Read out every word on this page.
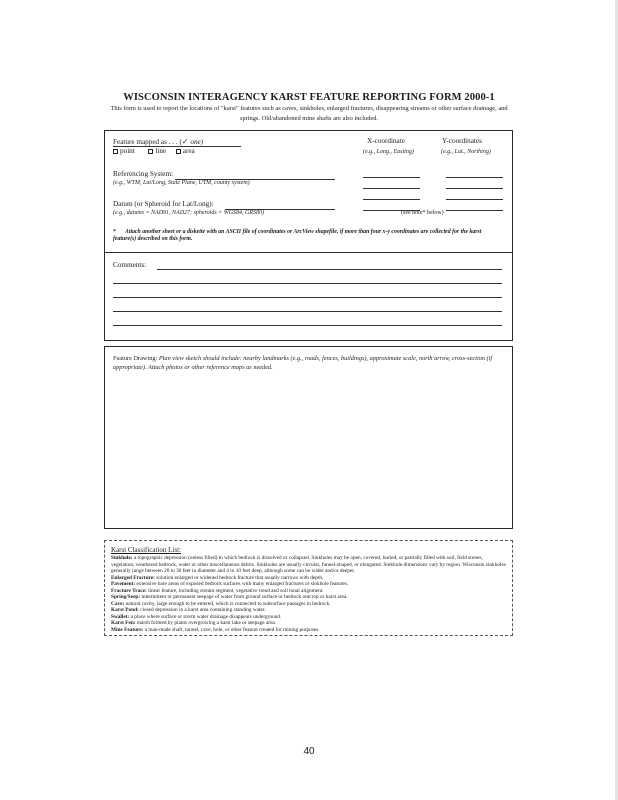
WISCONSIN INTERAGENCY KARST FEATURE REPORTING FORM 2000-1
This form is used to report the locations of "karst" features such as caves, sinkholes, enlarged fractures, disappearing streams or other surface drainage, and springs. Old/abandoned mine shafts are also included.
Feature mapped as . . . (✓ one)
point	line area
X-coordinate	Y-coordinates
(e.g., Long., Easting)	(e.g., Lat., Northing)
Referencing System:
(e.g., WTM, Lat/Long, State Plane, UTM, county system)
Datum (or Spheroid for Lat/Long):
(e.g., datums = NAD91, NAD27; spheroids = WGS84, GRS80)	(see note* below)
* Attach another sheet or a diskette with an ASCII file of coordinates or ArcView shapefile, if more than four x-y coordinates are collected for the karst feature(s) described on this form.
Comments:
Feature Drawing: Plan view sketch should include: nearby landmarks (e.g., roads, fences, buildings), approximate scale, north arrow, cross-section (if appropriate). Attach photos or other reference maps as needed.
Karst Classification List:
Sinkhole: a topographic depression (unless filled) in which bedrock is dissolved or collapsed. Sinkholes may be open, covered, buried, or partially filled with soil, field stones, vegetation, weathered bedrock, water or other miscellaneous debris. Sinkholes are usually circular, funnel-shaped, or elongated. Sinkhole dimensions vary by region. Wisconsin sinkholes generally range between 20 to 30 feet in diameter and 4 to 10 feet deep, although some can be wider and/or deeper.
Enlarged Fracture: solution enlarged or widened bedrock fracture that usually narrows with depth.
Pavement: extensive bare areas of exposed bedrock surfaces with many enlarged fractures or sinkhole features.
Fracture Trace: linear feature, including stream segment, vegetative trend and soil tonal alignment.
Spring/Seep: intermittent or permanent seepage of water from ground surface or bedrock outcrop or karst area.
Cave: natural cavity, large enough to be entered, which is connected to subsurface passages in bedrock.
Karst Pond: closed depression in a karst area containing standing water.
Swallet: a place where surface or storm water drainage disappears underground.
Karst Fen: marsh formed by plants overgrowing a karst lake or seepage area.
Mine Feature: a man-made shaft, tunnel, cave, hole, or other feature created for mining purposes.
40
